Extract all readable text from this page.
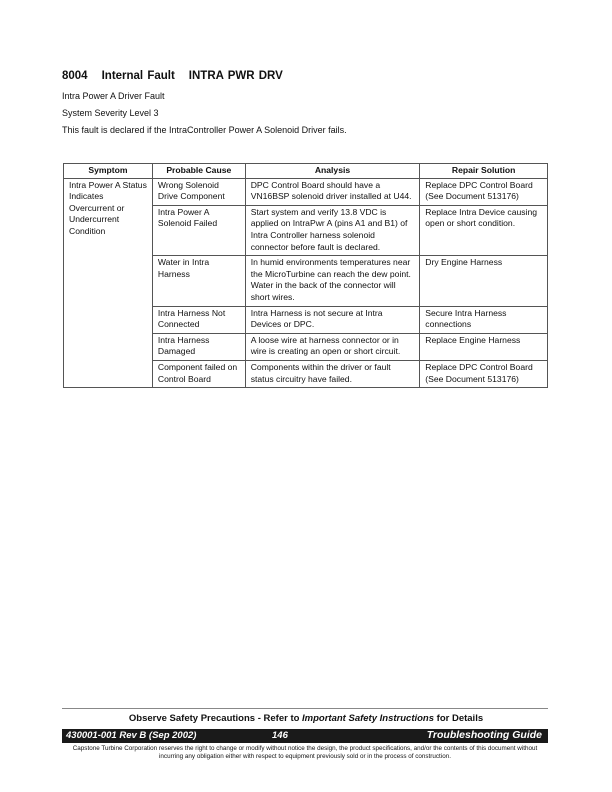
8004 Internal Fault INTRA PWR DRV
Intra Power A Driver Fault
System Severity Level 3
This fault is declared if the IntraController Power A Solenoid Driver fails.
Symptom	Probable Cause	Analysis	Repair Solution
Intra Power A Status Indicates Overcurrent or Undercurrent Condition	Wrong Solenoid Drive Component	DPC Control Board should have a VN16BSP solenoid driver installed at U44.	Replace DPC Control Board (See Document 513176)
	Intra Power A Solenoid Failed	Start system and verify 13.8 VDC is applied on IntraPwr A (pins A1 and B1) of Intra Controller harness solenoid connector before fault is declared.	Replace Intra Device causing open or short condition.
	Water in Intra Harness	In humid environments temperatures near the MicroTurbine can reach the dew point. Water in the back of the connector will short wires.	Dry Engine Harness
	Intra Harness Not Connected	Intra Harness is not secure at Intra Devices or DPC.	Secure Intra Harness connections
	Intra Harness Damaged	A loose wire at harness connector or in wire is creating an open or short circuit.	Replace Engine Harness
	Component failed on Control Board	Components within the driver or fault status circuitry have failed.	Replace DPC Control Board (See Document 513176)
Observe Safety Precautions - Refer to Important Safety Instructions for Details
430001-001 Rev B (Sep 2002)	146	Troubleshooting Guide
Capstone Turbine Corporation reserves the right to change or modify without notice the design, the product specifications, and/or the contents of this document without incurring any obligation either with respect to equipment previously sold or in the process of construction.
